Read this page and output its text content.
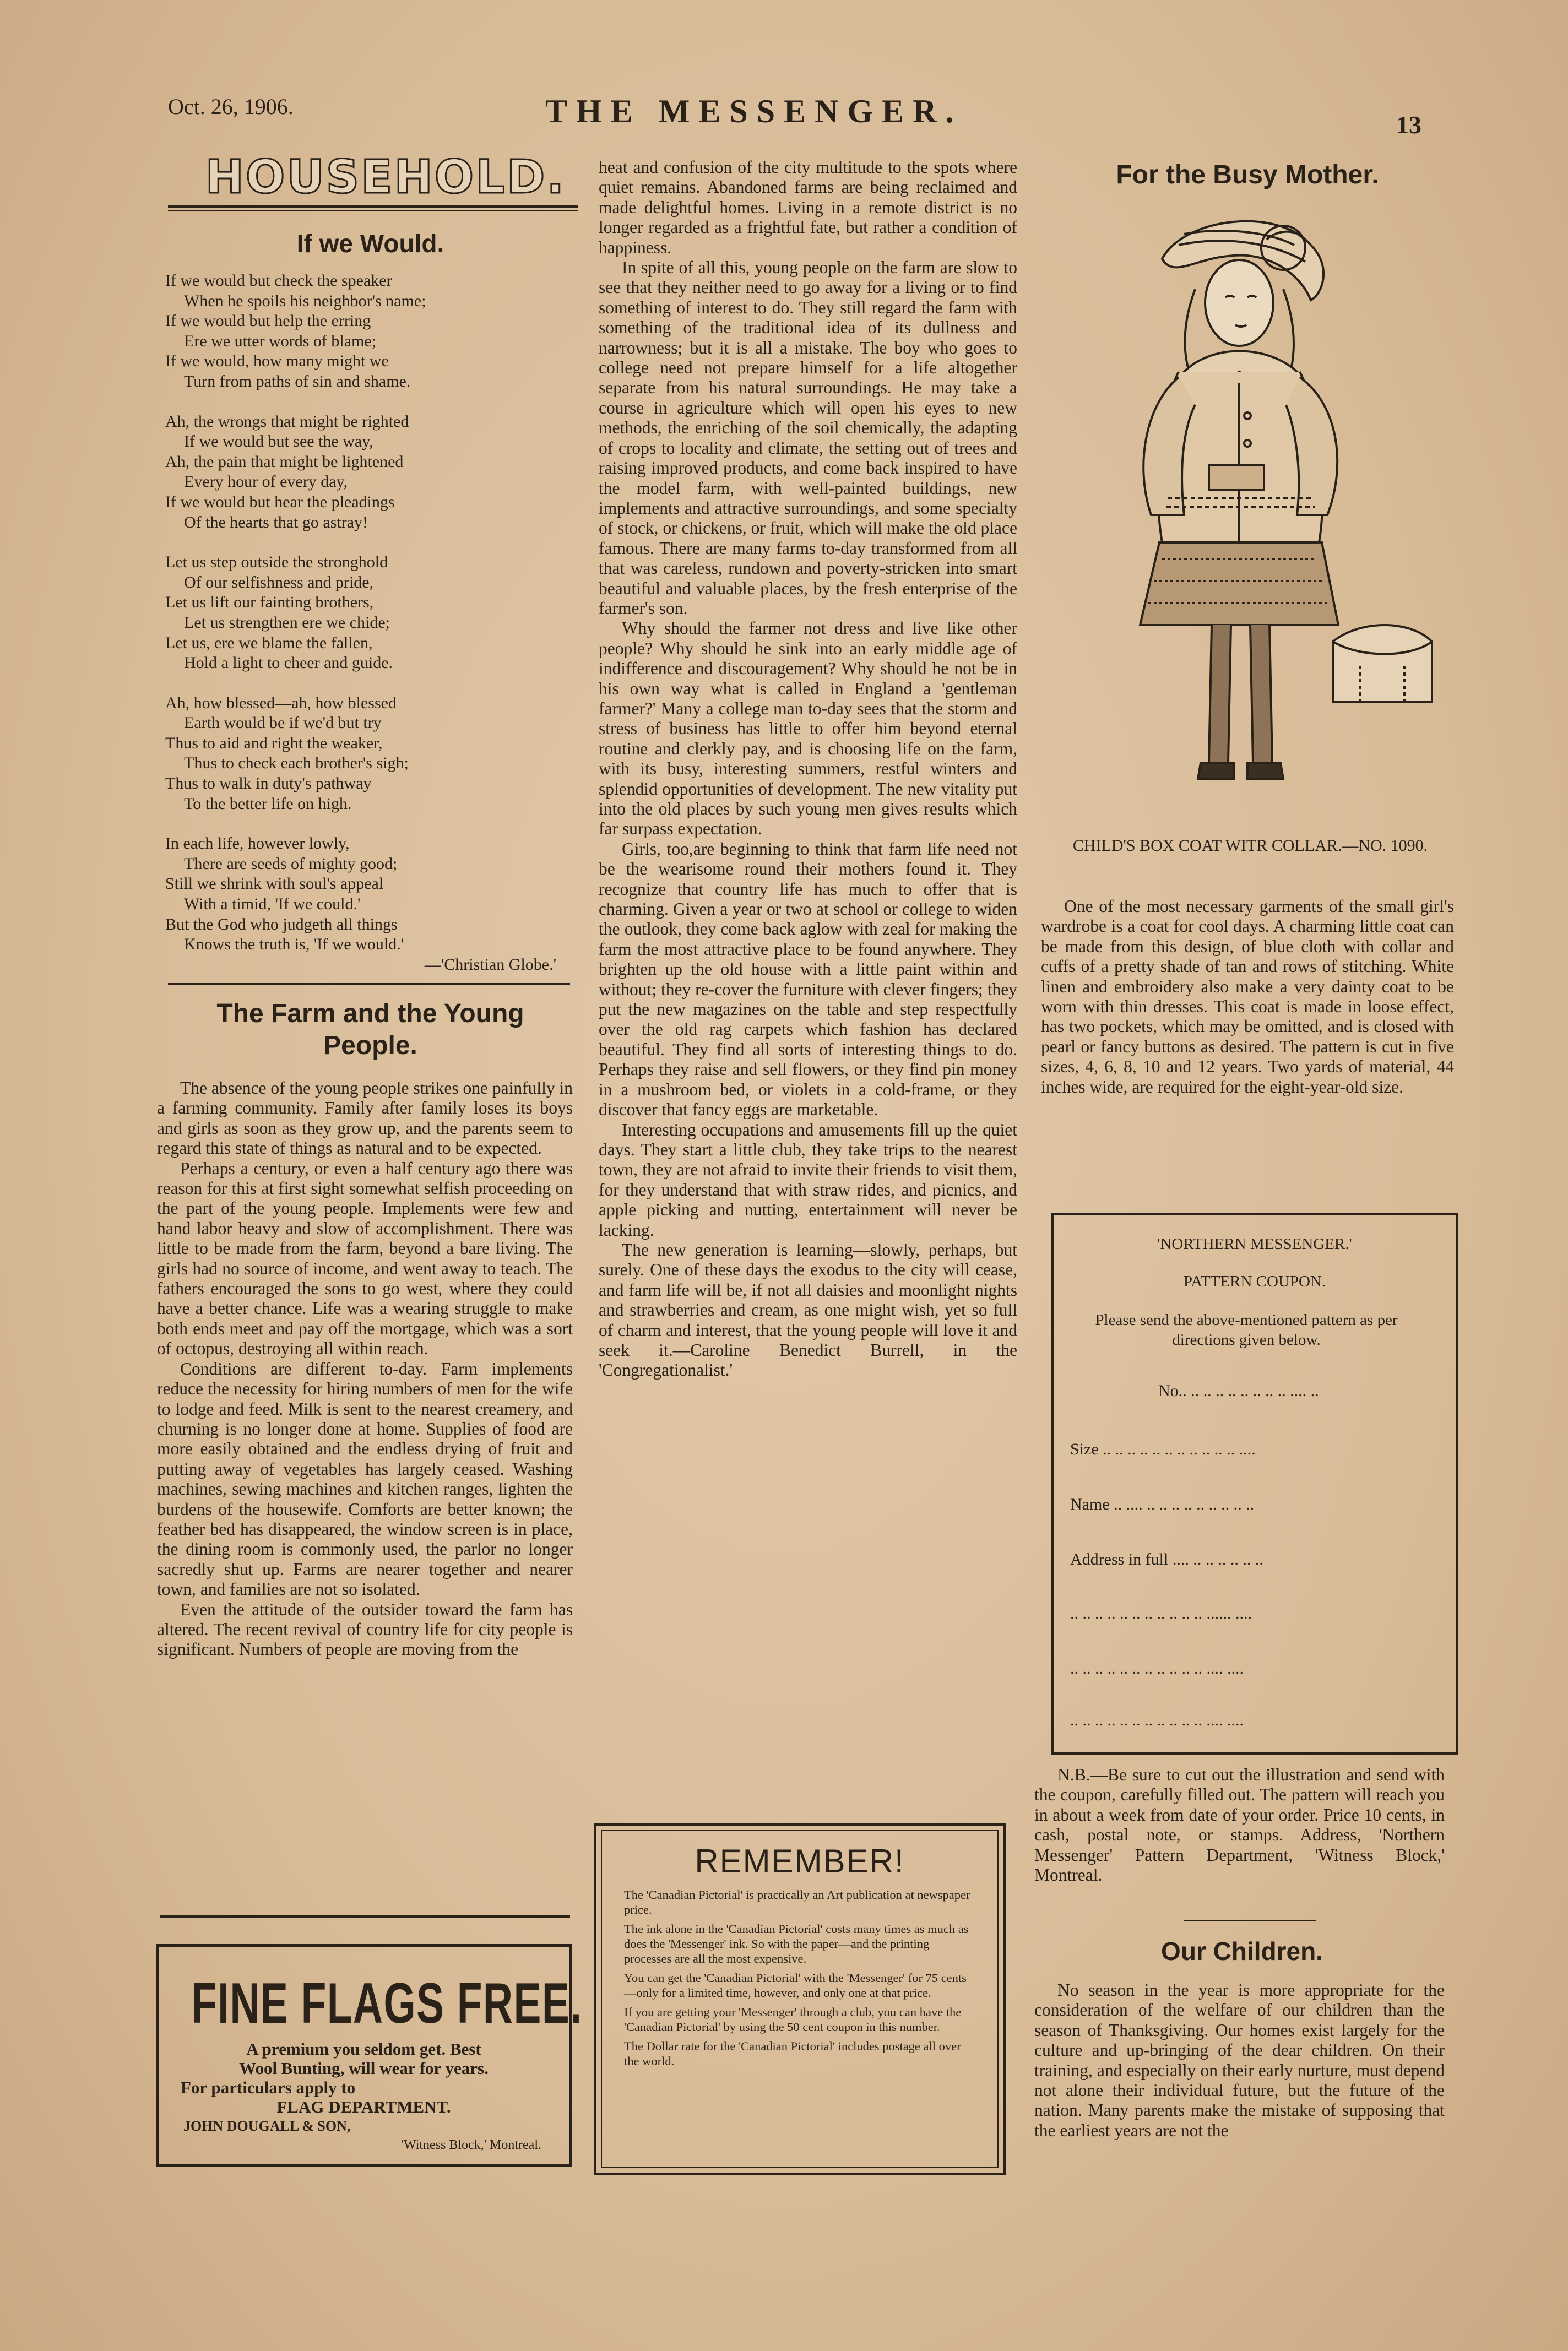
Oct. 26, 1906.	THE MESSENGER.	13
HOUSEHOLD.
If we Would.
If we would but check the speaker
When he spoils his neighbor's name;
If we would but help the erring
Ere we utter words of blame;
If we would, how many might we
Turn from paths of sin and shame.
Ah, the wrongs that might be righted
If we would but see the way,
Ah, the pain that might be lightened
Every hour of every day,
If we would but hear the pleadings
Of the hearts that go astray!
Let us step outside the stronghold
Of our selfishness and pride,
Let us lift our fainting brothers,
Let us strengthen ere we chide;
Let us, ere we blame the fallen,
Hold a light to cheer and guide.
Ah, how blessed—ah, how blessed
Earth would be if we'd but try
Thus to aid and right the weaker,
Thus to check each brother's sigh;
Thus to walk in duty's pathway
To the better life on high.
In each life, however lowly,
There are seeds of mighty good;
Still we shrink with soul's appeal
With a timid, 'If we could.'
But the God who judgeth all things
Knows the truth is, 'If we would.'
—'Christian Globe.'
The Farm and the Young
People.

The absence of the young people strikes one painfully in a farming community. Family after family loses its boys and girls as soon as they grow up, and the parents seem to regard this state of things as natural and to be expected.

Perhaps a century, or even a half century ago there was reason for this at first sight somewhat selfish proceeding on the part of the young people. Implements were few and hand labor heavy and slow of accomplishment. There was little to be made from the farm, beyond a bare living. The girls had no source of income, and went away to teach. The fathers encouraged the sons to go west, where they could have a better chance. Life was a wearing struggle to make both ends meet and pay off the mortgage, which was a sort of octopus, destroying all within reach.

Conditions are different to-day. Farm implements reduce the necessity for hiring numbers of men for the wife to lodge and feed. Milk is sent to the nearest creamery, and churning is no longer done at home. Supplies of food are more easily obtained and the endless drying of fruit and putting away of vegetables has largely ceased. Washing machines, sewing machines and kitchen ranges, lighten the burdens of the housewife. Comforts are better known; the feather bed has disappeared, the window screen is in place, the dining room is commonly used, the parlor no longer sacredly shut up. Farms are nearer together and nearer town, and families are not so isolated.

Even the attitude of the outsider toward the farm has altered. The recent revival of country life for city people is significant. Numbers of people are moving from the

FINE FLAGS FREE.
A premium you seldom get. Best
Wool Bunting, will wear for years.
For particulars apply to
FLAG DEPARTMENT.
JOHN DOUGALL & SON,
'Witness Block,' Montreal.

heat and confusion of the city multitude to the spots where quiet remains. Abandoned farms are being reclaimed and made delightful homes. Living in a remote district is no longer regarded as a frightful fate, but rather a condition of happiness.

In spite of all this, young people on the farm are slow to see that they neither need to go away for a living or to find something of interest to do. They still regard the farm with something of the traditional idea of its dullness and narrowness; but it is all a mistake. The boy who goes to college need not prepare himself for a life altogether separate from his natural surroundings. He may take a course in agriculture which will open his eyes to new methods, the enriching of the soil chemically, the adapting of crops to locality and climate, the setting out of trees and raising improved products, and come back inspired to have the model farm, with well-painted buildings, new implements and attractive surroundings, and some specialty of stock, or chickens, or fruit, which will make the old place famous. There are many farms to-day transformed from all that was careless, rundown and poverty-stricken into smart beautiful and valuable places, by the fresh enterprise of the farmer's son.

Why should the farmer not dress and live like other people? Why should he sink into an early middle age of indifference and discouragement? Why should he not be in his own way what is called in England a 'gentleman farmer?' Many a college man to-day sees that the storm and stress of business has little to offer him beyond eternal routine and clerkly pay, and is choosing life on the farm, with its busy, interesting summers, restful winters and splendid opportunities of development. The new vitality put into the old places by such young men gives results which far surpass expectation.

Girls, too,are beginning to think that farm life need not be the wearisome round their mothers found it. They recognize that country life has much to offer that is charming. Given a year or two at school or college to widen the outlook, they come back aglow with zeal for making the farm the most attractive place to be found anywhere. They brighten up the old house with a little paint within and without; they re-cover the furniture with clever fingers; they put the new magazines on the table and step respectfully over the old rag carpets which fashion has declared beautiful. They find all sorts of interesting things to do. Perhaps they raise and sell flowers, or they find pin money in a mushroom bed, or violets in a cold-frame, or they discover that fancy eggs are marketable.

Interesting occupations and amusements fill up the quiet days. They start a little club, they take trips to the nearest town, they are not afraid to invite their friends to visit them, for they understand that with straw rides, and picnics, and apple picking and nutting, entertainment will never be lacking.

The new generation is learning—slowly, perhaps, but surely. One of these days the exodus to the city will cease, and farm life will be, if not all daisies and moonlight nights and strawberries and cream, as one might wish, yet so full of charm and interest, that the young people will love it and seek it.—Caroline Benedict Burrell, in the 'Congregationalist.'

REMEMBER!
The 'Canadian Pictorial' is practically an Art publication at newspaper price.
The ink alone in the 'Canadian Pictorial' costs many times as much as does the 'Messenger' ink. So with the paper—and the printing processes are all the most expensive.
You can get the 'Canadian Pictorial' with the 'Messenger' for 75 cents—only for a limited time, however, and only one at that price.
If you are getting your 'Messenger' through a club, you can have the 'Canadian Pictorial' by using the 50 cent coupon in this number.
The Dollar rate for the 'Canadian Pictorial' includes postage all over the world.
For the Busy Mother.
CHILD'S BOX COAT WITR COLLAR.—NO. 1090.

One of the most necessary garments of the small girl's wardrobe is a coat for cool days. A charming little coat can be made from this design, of blue cloth with collar and cuffs of a pretty shade of tan and rows of stitching. White linen and embroidery also make a very dainty coat to be worn with thin dresses. This coat is made in loose effect, has two pockets, which may be omitted, and is closed with pearl or fancy buttons as desired. The pattern is cut in five sizes, 4, 6, 8, 10 and 12 years. Two yards of material, 44 inches wide, are required for the eight-year-old size.

'NORTHERN MESSENGER.'
PATTERN COUPON.
Please send the above-mentioned pattern as per directions given below.
No.. .. .. .. .. .. .. .. .. .... ..
Size .. .. .. .. .. .. .. .. .. .. .. ....
Name .. .... .. .. .. .. .. .. .. .. ..
Address in full .... .. .. .. .. .. ..
.. .. .. .. .. .. .. .. .. .. .. ...... ....
.. .. .. .. .. .. .. .. .. .. .. .... ....
.. .. .. .. .. .. .. .. .. .. .. .... ....

N.B.—Be sure to cut out the illustration and send with the coupon, carefully filled out. The pattern will reach you in about a week from date of your order. Price 10 cents, in cash, postal note, or stamps. Address, 'Northern Messenger' Pattern Department, 'Witness Block,' Montreal.

Our Children.

No season in the year is more appropriate for the consideration of the welfare of our children than the season of Thanksgiving. Our homes exist largely for the culture and up-bringing of the dear children. On their training, and especially on their early nurture, must depend not alone their individual future, but the future of the nation. Many parents make the mistake of supposing that the earliest years are not the
